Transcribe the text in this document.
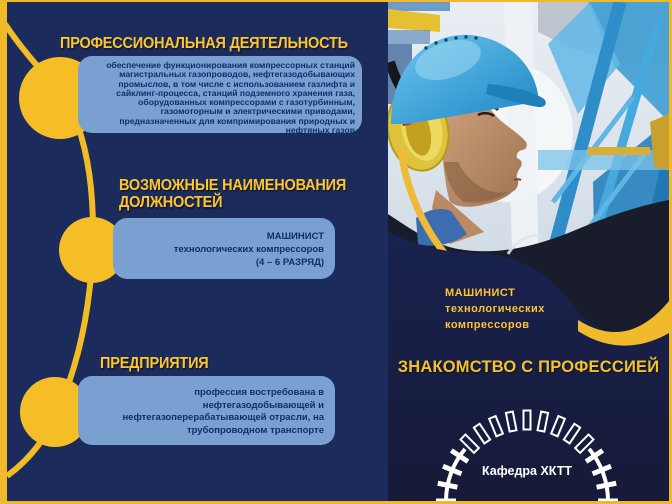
ПРОФЕССИОНАЛЬНАЯ ДЕЯТЕЛЬНОСТЬ
обеспечение функционирования компрессорных станций
магистральных газопроводов, нефтегазодобывающих
промыслов, в том числе с использованием газлифта и
сайклинг-процесса, станций подземного хранения газа,
оборудованных компрессорами с газотурбинным,
газомоторным и электрическими приводами,
предназначенных для компримирования природных и
нефтяных газов
ВОЗМОЖНЫЕ НАИМЕНОВАНИЯ
ДОЛЖНОСТЕЙ
МАШИНИСТ
технологических компрессоров
(4 – 6 РАЗРЯД)
ПРЕДПРИЯТИЯ
профессия востребована в
нефтегазодобывающей и
нефтегазоперерабатывающей отрасли, на
трубопроводном транспорте
МАШИНИСТ
технологических
компрессоров
ЗНАКОМСТВО С ПРОФЕССИЕЙ
Кафедра ХКТТ
